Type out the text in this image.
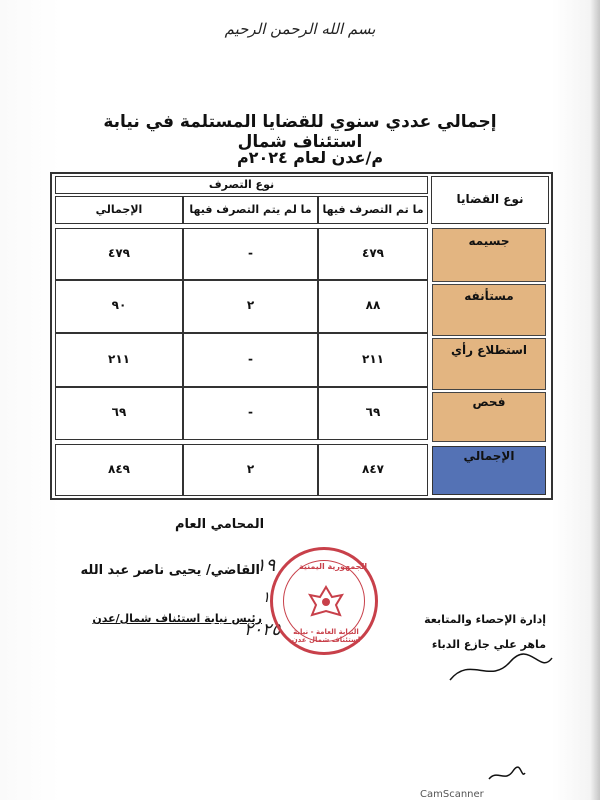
بسم الله الرحمن الرحيم
إجمالي عددي سنوي للقضايا المستلمة في نيابة استئناف شمال
م/عدن لعام ٢٠٢٤م
نوع التصرف
نوع القضايا
ما تم التصرف فيها
ما لم يتم التصرف فيها
الإجمالي
٤٧٩
-
٤٧٩
جسيمه
٨٨
٢
٩٠
مستأنفه
٢١١
-
٢١١
استطلاع رأي
٦٩
-
٦٩
فحص
٨٤٧
٢
٨٤٩
الإجمالي
المحامي العام
القاضي/ يحيى ناصر عبد الله
رئيس نيابة استئناف شمال/عدن
١٩
١
٢٠٢٥
إدارة الإحصاء والمتابعة
ماهر علي جازع الدباء
الجمهورية اليمنية
النيابة العامة - نيابة استئناف شمال عدن
CamScanner
